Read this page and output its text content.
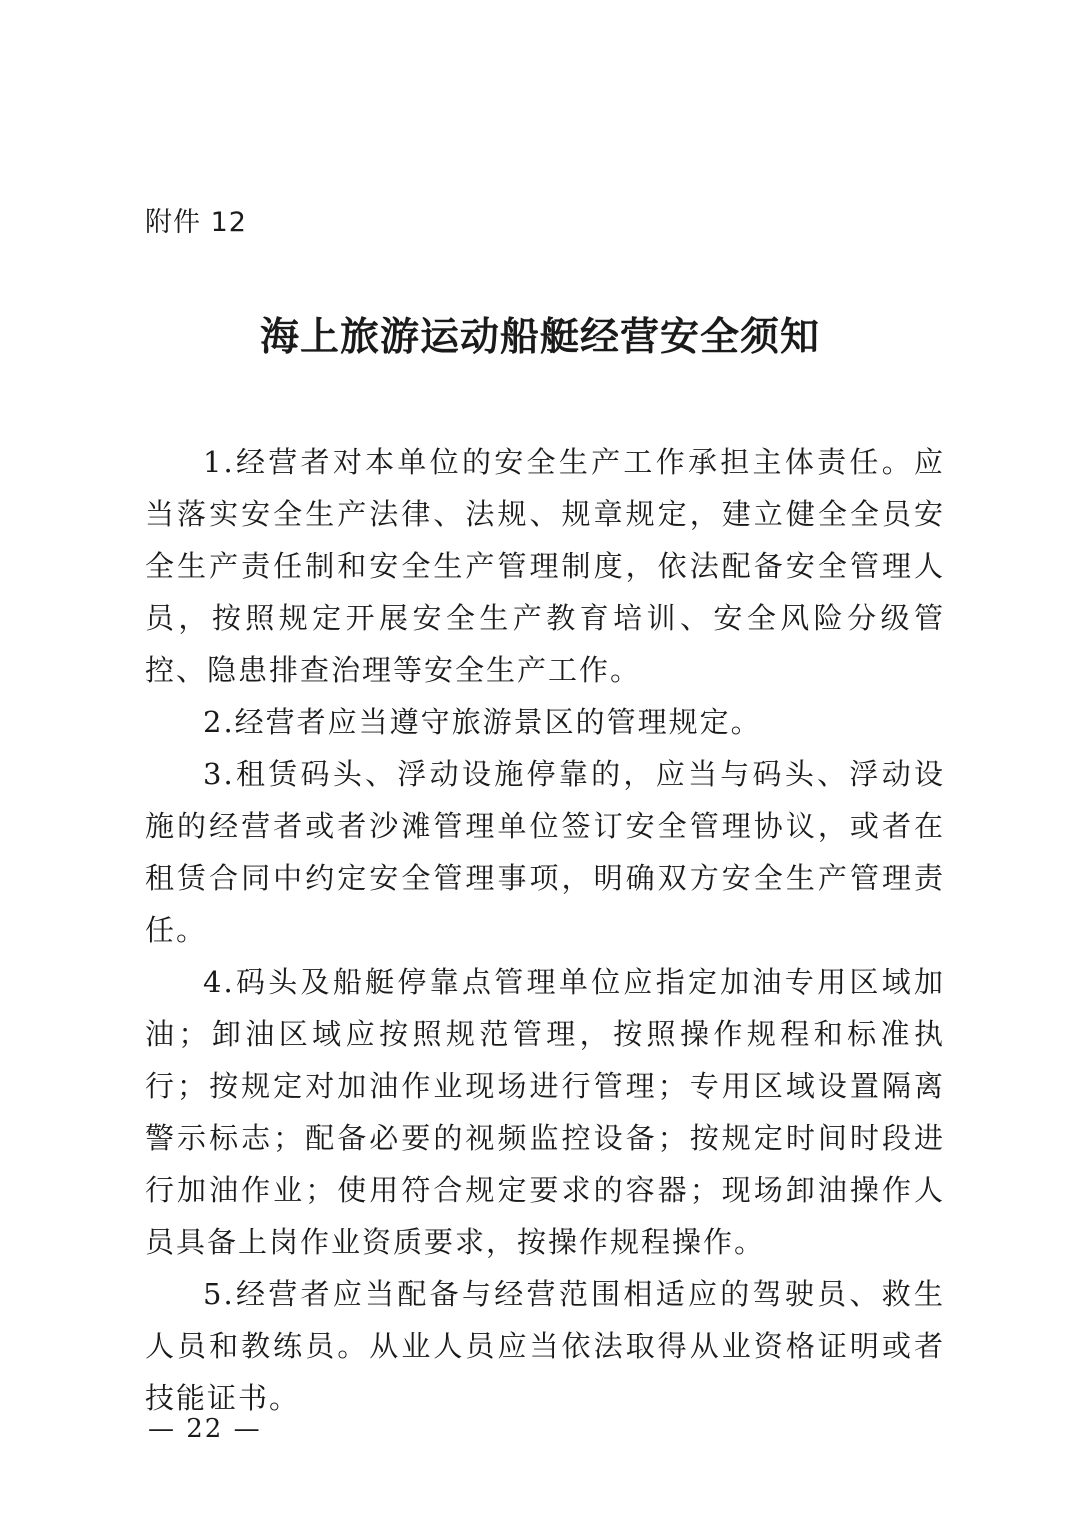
附件 12
海上旅游运动船艇经营安全须知

1.经营者对本单位的安全生产工作承担主体责任。应当落实安全生产法律、法规、规章规定，建立健全全员安全生产责任制和安全生产管理制度，依法配备安全管理人员，按照规定开展安全生产教育培训、安全风险分级管控、隐患排查治理等安全生产工作。

2.经营者应当遵守旅游景区的管理规定。

3.租赁码头、浮动设施停靠的，应当与码头、浮动设施的经营者或者沙滩管理单位签订安全管理协议，或者在租赁合同中约定安全管理事项，明确双方安全生产管理责任。

4.码头及船艇停靠点管理单位应指定加油专用区域加油；卸油区域应按照规范管理，按照操作规程和标准执行；按规定对加油作业现场进行管理；专用区域设置隔离警示标志；配备必要的视频监控设备；按规定时间时段进行加油作业；使用符合规定要求的容器；现场卸油操作人员具备上岗作业资质要求，按操作规程操作。

5.经营者应当配备与经营范围相适应的驾驶员、救生人员和教练员。从业人员应当依法取得从业资格证明或者技能证书。

— 22 —
